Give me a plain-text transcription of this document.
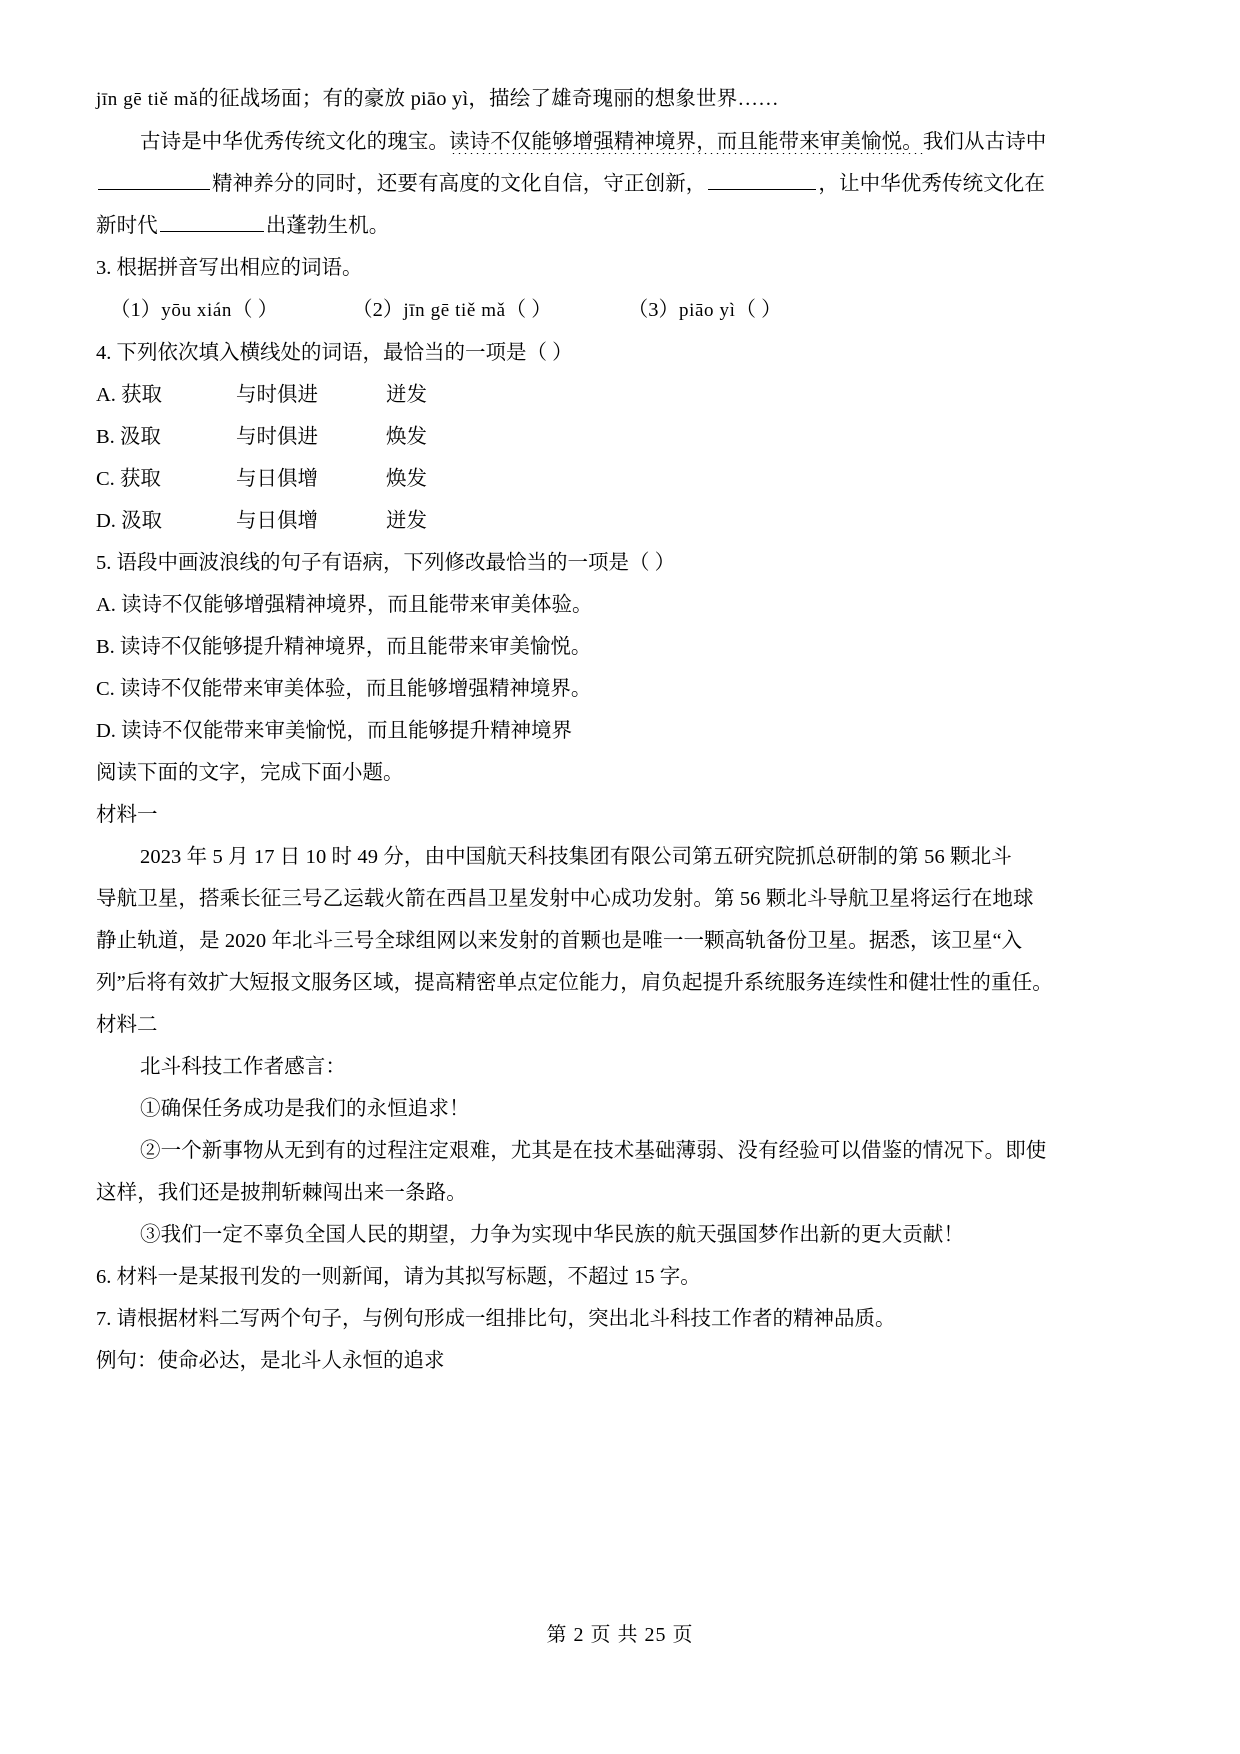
jīn gē tiě mǎ的征战场面；有的豪放 piāo yì，描绘了雄奇瑰丽的想象世界……
古诗是中华优秀传统文化的瑰宝。读诗不仅能够增强精神境界，而且能带来审美愉悦。我们从古诗中
精神养分的同时，还要有高度的文化自信，守正创新，	，让中华优秀传统文化在
新时代	出蓬勃生机。
3. 根据拼音写出相应的词语。
（1）yōu xián（ ）	（2）jīn gē tiě mǎ（ ）	（3）piāo yì（ ）
4. 下列依次填入横线处的词语，最恰当的一项是（ ）
A. 获取	与时俱进	迸发
B. 汲取	与时俱进	焕发
C. 获取	与日俱增	焕发
D. 汲取	与日俱增	迸发
5. 语段中画波浪线的句子有语病，下列修改最恰当的一项是（ ）
A. 读诗不仅能够增强精神境界，而且能带来审美体验。
B. 读诗不仅能够提升精神境界，而且能带来审美愉悦。
C. 读诗不仅能带来审美体验，而且能够增强精神境界。
D. 读诗不仅能带来审美愉悦，而且能够提升精神境界
阅读下面的文字，完成下面小题。
材料一
2023 年 5 月 17 日 10 时 49 分，由中国航天科技集团有限公司第五研究院抓总研制的第 56 颗北斗
导航卫星，搭乘长征三号乙运载火箭在西昌卫星发射中心成功发射。第 56 颗北斗导航卫星将运行在地球
静止轨道，是 2020 年北斗三号全球组网以来发射的首颗也是唯一一颗高轨备份卫星。据悉，该卫星“入
列”后将有效扩大短报文服务区域，提高精密单点定位能力，肩负起提升系统服务连续性和健壮性的重任。
材料二
北斗科技工作者感言：
①确保任务成功是我们的永恒追求！
②一个新事物从无到有的过程注定艰难，尤其是在技术基础薄弱、没有经验可以借鉴的情况下。即使
这样，我们还是披荆斩棘闯出来一条路。
③我们一定不辜负全国人民的期望，力争为实现中华民族的航天强国梦作出新的更大贡献！
6. 材料一是某报刊发的一则新闻，请为其拟写标题，不超过 15 字。
7. 请根据材料二写两个句子，与例句形成一组排比句，突出北斗科技工作者的精神品质。
例句：使命必达，是北斗人永恒的追求
第 2 页 共 25 页
